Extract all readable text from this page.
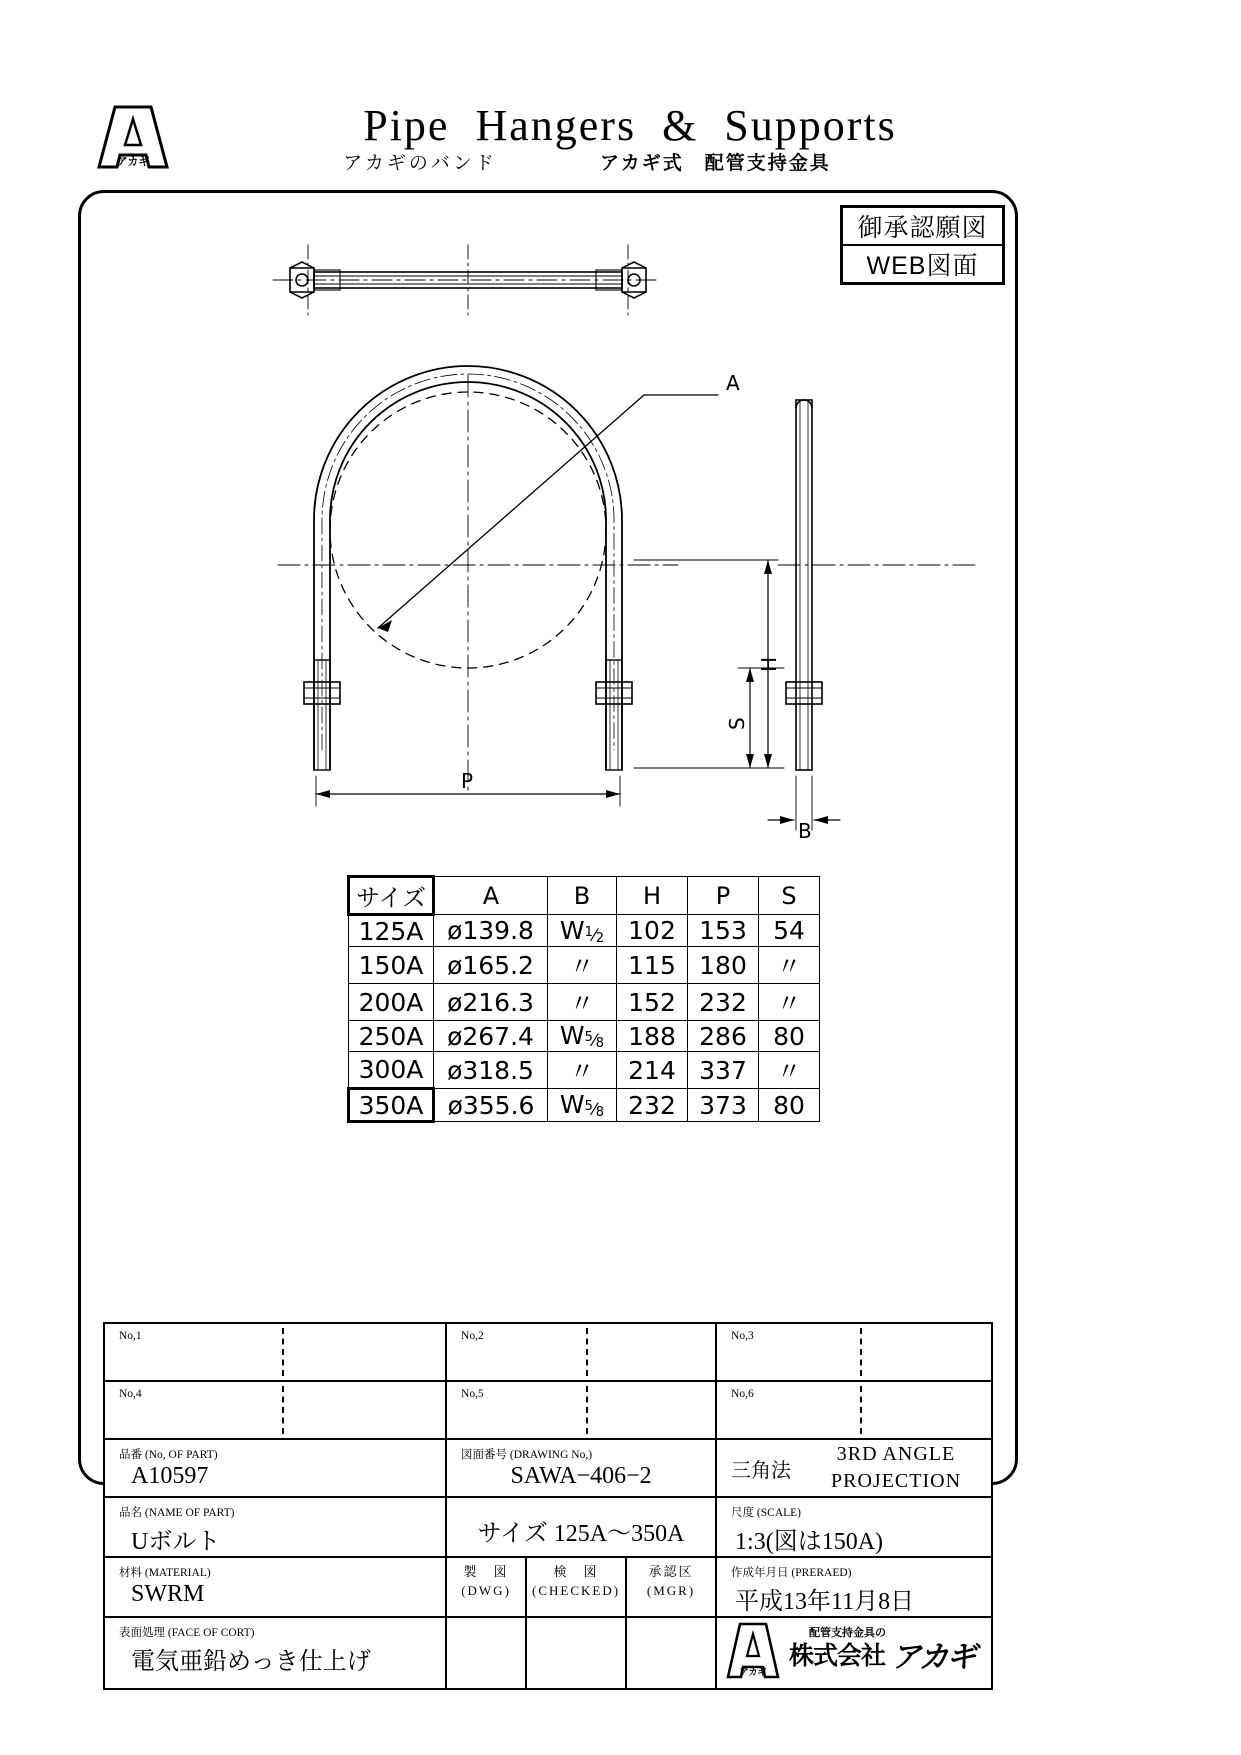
アカギ
Pipe  Hangers  &  Supports
アカギのバンド	アカギ式　配管支持金具
御承認願図
WEB図面
A
H
P
S
B
サイズ	A	B	H	P	S
125A	ø139.8	$W^1⁄_2$	102	153	54
150A	ø165.2	〃	115	180	〃
200A	ø216.3	〃	152	232	〃
250A	ø267.4	$W^5⁄_8$	188	286	80
300A	ø318.5	〃	214	337	〃
350A	ø355.6	$W^5⁄_8$	232	373	80
No,1	No,2			No,3

No,4	No,5			No,6

品番 (No, OF PART)
A10597

図面番号 (DRAWING No,)
SAWA−406−2	三角法
3RD ANGLE
PROJECTION

品名 (NAME OF PART)
Uボルト	サイズ 125A〜350A

尺度 (SCALE)
1:3(図は150A)

材料 (MATERIAL)
SWRM

製　図
(DWG)

検　図
(CHECKED)

承認区
(MGR)

作成年月日 (PRERAED)
平成13年11月8日

表面処理 (FACE OF CORT)
電気亜鉛めっき仕上げ				アカギ
配管支持金具の
株式会社 アカギ
